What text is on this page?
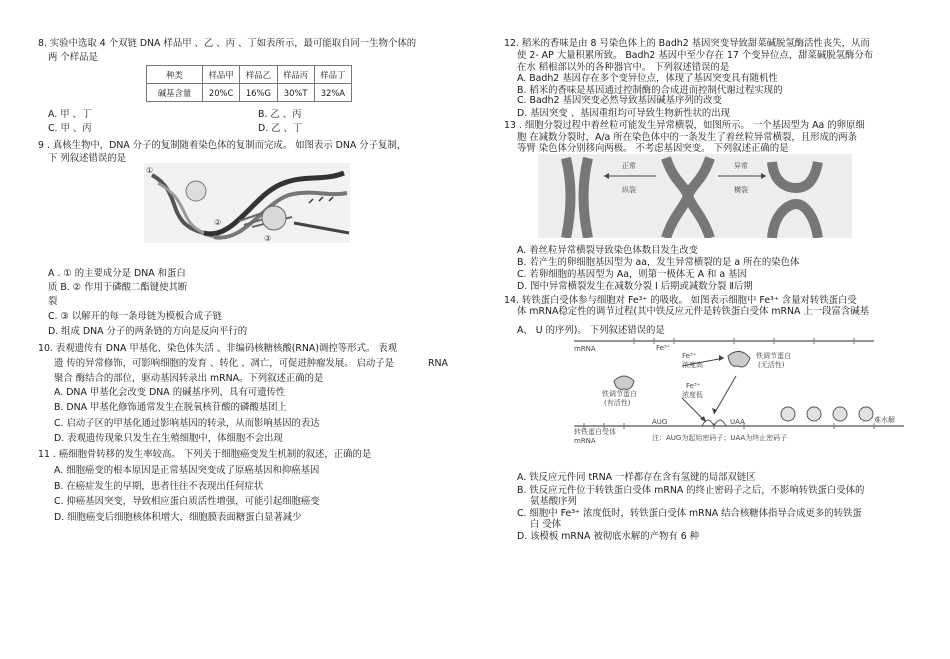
8. 实验中选取 4 个双链 DNA 样品甲 、乙 、丙 、丁如表所示，最可能取自同一生物个体的
两 个样品是
种类	样品甲	样品乙	样品丙	样品丁
碱基含量	20%C	16%G	30%T	32%A
A. 甲 、丁	B. 乙 、丙
C. 甲 、丙	D. 乙 、丁
9 . 真核生物中，DNA 分子的复制随着染色体的复制而完成。 如图表示 DNA 分子复制，
下 列叙述错误的是
①
②
③
A . ① 的主要成分是 DNA 和蛋白
质 B. ② 作用于磷酸二酯键使其断
裂
C. ③ 以解开的每一条母链为模板合成子链
D. 组成 DNA 分子的两条链的方向是反向平行的
10. 表观遗传有 DNA 甲基化、染色体失活 、非编码核糖核酸(RNA)调控等形式。 表观
遗 传的异常修饰，可影响细胞的发育 、转化 、凋亡，可促进肿瘤发展。 启动子是	RNA
聚合 酶结合的部位，驱动基因转录出 mRNA。下列叙述正确的是
A. DNA 甲基化会改变 DNA 的碱基序列，具有可遗传性
B. DNA 甲基化修饰通常发生在脱氧核苷酸的磷酸基团上
C. 启动子区的甲基化通过影响基因的转录，从而影响基因的表达
D. 表观遗传现象只发生在生殖细胞中，体细胞不会出现
11 . 癌细胞骨转移的发生率较高。 下列关于细胞癌变发生机制的叙述，正确的是
A. 细胞癌变的根本原因是正常基因突变成了原癌基因和抑癌基因
B. 在癌症发生的早期，患者往往不表现出任何症状
C. 抑癌基因突变，导致相应蛋白质活性增强，可能引起细胞癌变
D. 细胞癌变后细胞核体积增大，细胞膜表面糖蛋白显著减少
12. 稻米的香味是由 8 号染色体上的 Badh2 基因突变导致甜菜碱脱氢酶活性丧失，从而
使 2- AP 大量积累所致。 Badh2 基因中至少存在 17 个变异位点，甜菜碱脱氢酶分布
在水 稻根部以外的各种器官中。 下列叙述错误的是
A. Badh2 基因存在多个变异位点，体现了基因突变具有随机性
B. 稻米的香味是基因通过控制酶的合成进而控制代谢过程实现的
C. Badh2 基因突变必然导致基因碱基序列的改变
D. 基因突变 、基因重组均可导致生物新性状的出现
13 . 细胞分裂过程中着丝粒可能发生异常横裂，如图所示。 一个基因型为 Aa 的卵原细
胞 在减数分裂时，A/a 所在染色体中的一条发生了着丝粒异常横裂，且形成的两条
等臂 染色体分别移向两极。 不考虑基因突变。 下列叙述正确的是
正常	异常
纵裂	横裂
A. 着丝粒异常横裂导致染色体数目发生改变
B. 若产生的卵细胞基因型为 aa，发生异常横裂的是 a 所在的染色体
C. 若卵细胞的基因型为 Aa，则第一极体无 A 和 a 基因
D. 图中异常横裂发生在减数分裂 Ⅰ 后期或减数分裂 Ⅱ后期
14. 转铁蛋白受体参与细胞对 Fe³⁺ 的吸收。 如图表示细胞中 Fe³⁺ 含量对转铁蛋白受
体 mRNA稳定性的调节过程(其中铁反应元件是转铁蛋白受体 mRNA 上一段富含碱基
A、 U 的序列)。 下列叙述错误的是
mRNA	Fe³⁺
Fe³⁺
浓度高
铁调节蛋白
(有活性)
铁调节蛋白
(无活性)
Fe³⁺
浓度低
AUG	UAA	难水解
转铁蛋白受体
mRNA	注：AUG为起始密码子；UAA为终止密码子
A. 铁反应元件同 tRNA 一样都存在含有氢键的局部双链区
B. 铁反应元件位于转铁蛋白受体 mRNA 的终止密码子之后，不影响转铁蛋白受体的
氨基酸序列
C. 细胞中 Fe³⁺ 浓度低时，转铁蛋白受体 mRNA 结合核糖体指导合成更多的转铁蛋
白 受体
D. 该模板 mRNA 被彻底水解的产物有 6 种
